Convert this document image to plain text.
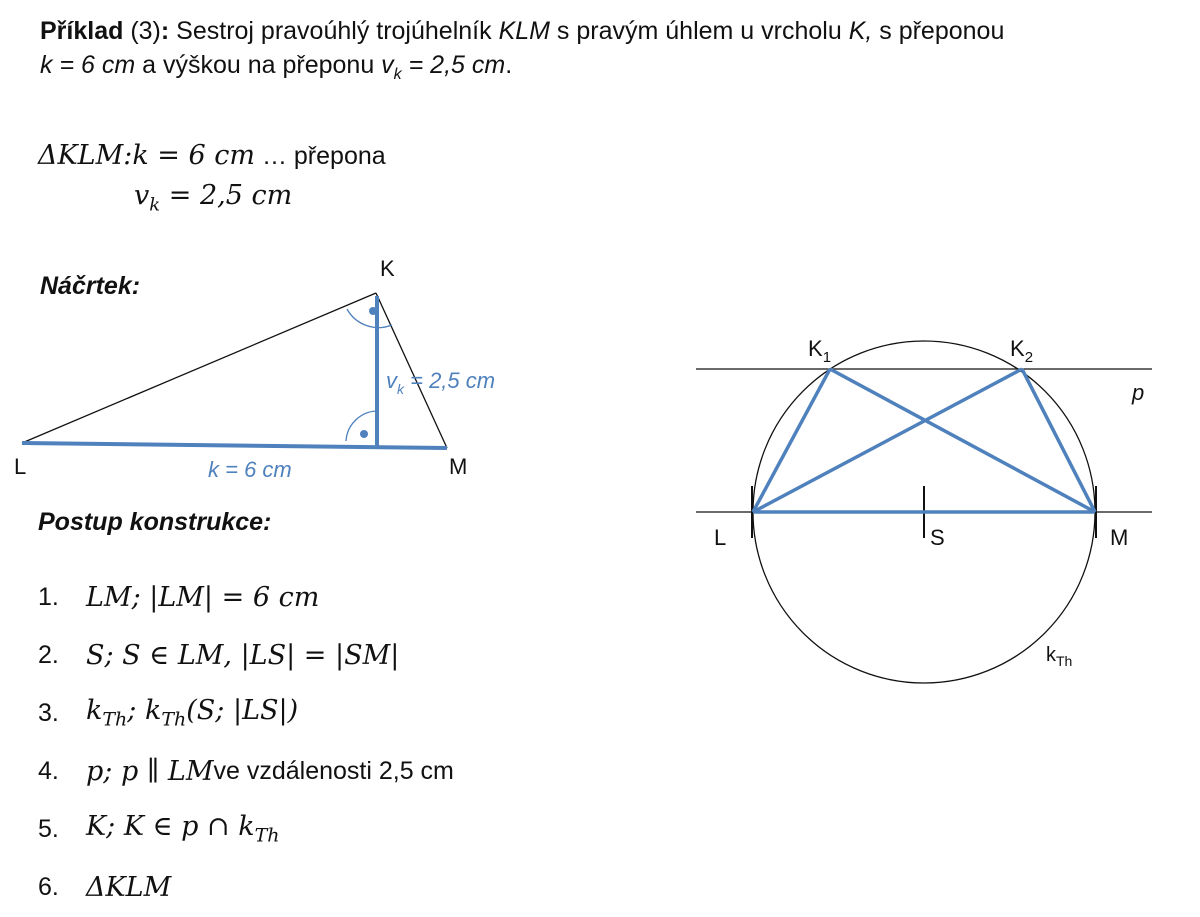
Příklad (3): Sestroj pravoúhlý trojúhelník KLM s pravým úhlem u vrcholu K, s přeponou
k = 6 cm a výškou na přeponu $v_k = 2,5$ cm.
ΔKLM:k = 6 cm … přepona
$v_k = 2,5$ cm
Náčrtek:
Postup konstrukce:
1.	LM; |LM| = 6 cm
2.	S; S ∈ LM, |LS| = |SM|
3.	$k_{Th}$; $k_{Th}(S$; |LS|)
4.	p; p ∥ LM ve vzdálenosti 2,5 cm
5.	K; K ∈ p ∩ $k_{Th}$
6.	ΔKLM
K
L	M
k = 6 cm
$v_k = 2,5$ cm
$K_1$	$K_2$
p
L	S	M
$k_{Th}$
